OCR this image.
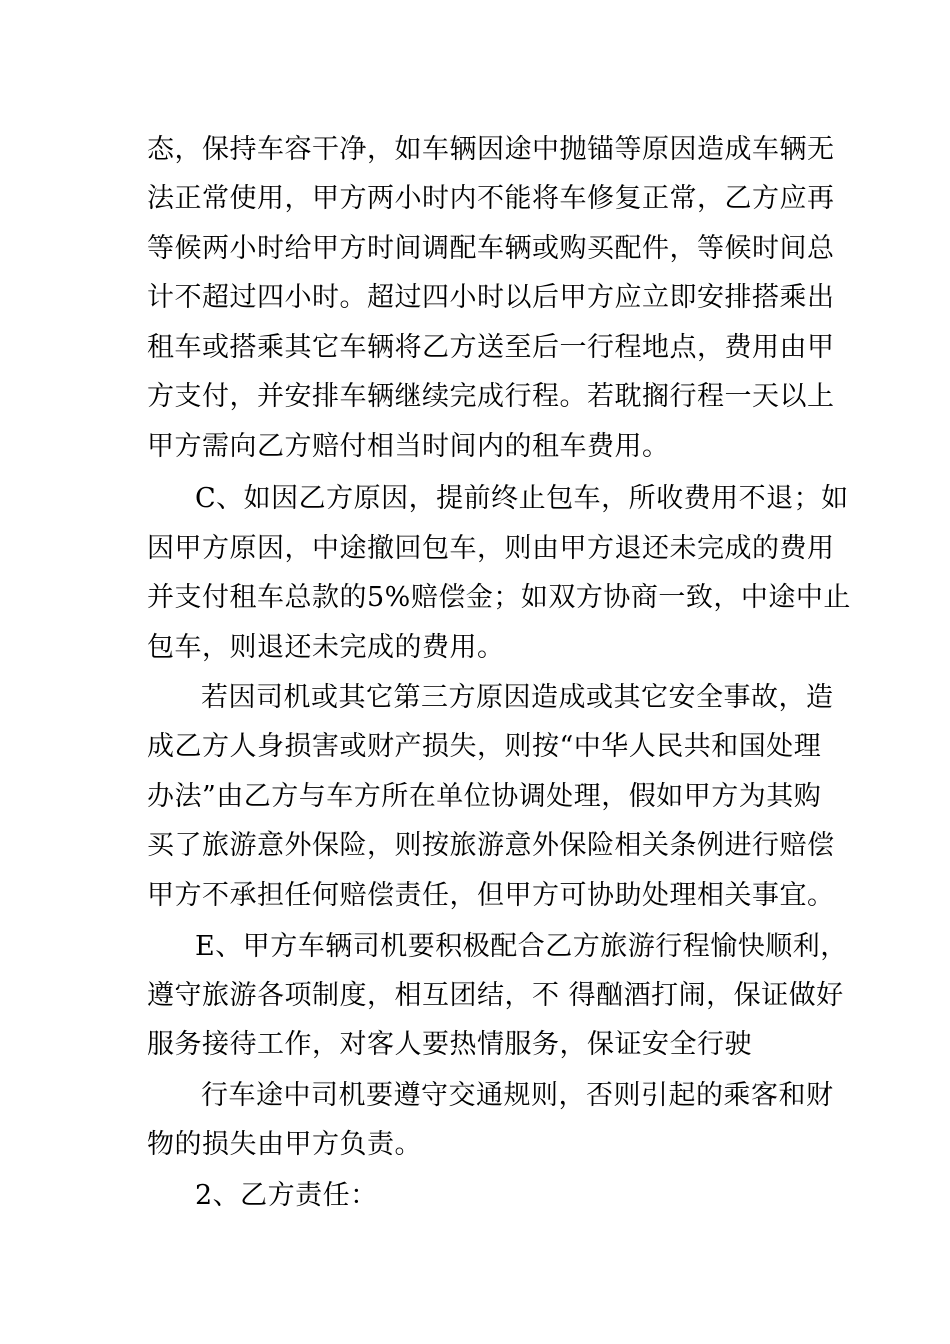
态，保持车容干净，如车辆因途中抛锚等原因造成车辆无
法正常使用，甲方两小时内不能将车修复正常，乙方应再
等候两小时给甲方时间调配车辆或购买配件，等候时间总
计不超过四小时。超过四小时以后甲方应立即安排搭乘出
租车或搭乘其它车辆将乙方送至后一行程地点，费用由甲
方支付，并安排车辆继续完成行程。若耽搁行程一天以上
甲方需向乙方赔付相当时间内的租车费用。
C、如因乙方原因，提前终止包车，所收费用不退；如
因甲方原因，中途撤回包车，则由甲方退还未完成的费用
并支付租车总款的5%赔偿金；如双方协商一致，中途中止
包车，则退还未完成的费用。
若因司机或其它第三方原因造成或其它安全事故，造
成乙方人身损害或财产损失，则按“中华人民共和国处理
办法”由乙方与车方所在单位协调处理，假如甲方为其购
买了旅游意外保险，则按旅游意外保险相关条例进行赔偿
甲方不承担任何赔偿责任，但甲方可协助处理相关事宜。
E、甲方车辆司机要积极配合乙方旅游行程愉快顺利，
遵守旅游各项制度，相互团结，不 得酗酒打闹，保证做好
服务接待工作，对客人要热情服务，保证安全行驶
行车途中司机要遵守交通规则，否则引起的乘客和财
物的损失由甲方负责。
2、乙方责任：
